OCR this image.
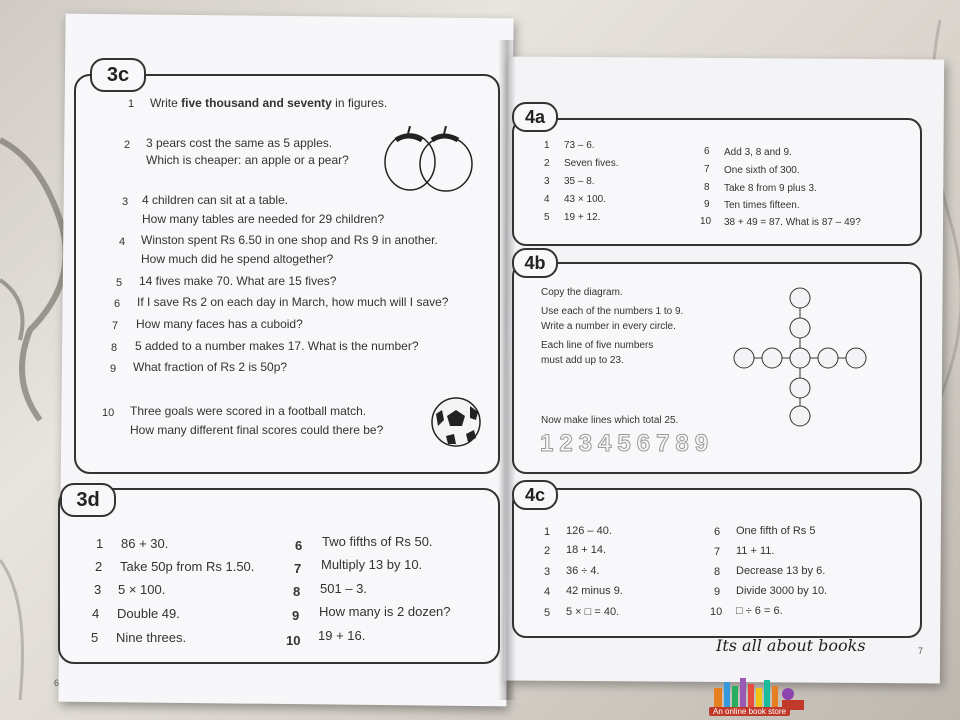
3c
1 Write five thousand and seventy in figures.
2 3 pears cost the same as 5 apples.
Which is cheaper: an apple or a pear?
3 4 children can sit at a table.
How many tables are needed for 29 children?
4 Winston spent Rs 6.50 in one shop and Rs 9 in another.
How much did he spend altogether?
5 14 fives make 70. What are 15 fives?
6 If I save Rs 2 on each day in March, how much will I save?
7 How many faces has a cuboid?
8 5 added to a number makes 17. What is the number?
9 What fraction of Rs 2 is 50p?
10 Three goals were scored in a football match.
How many different final scores could there be?
3d
1 86 + 30.
2 Take 50p from Rs 1.50.
3 5 × 100.
4 Double 49.
5 Nine threes.
6 Two fifths of Rs 50.
7 Multiply 13 by 10.
8 501 – 3.
9 How many is 2 dozen?
10 19 + 16.
6
4a
1 73 – 6.
2 Seven fives.
3 35 – 8.
4 43 × 100.
5 19 + 12.
6 Add 3, 8 and 9.
7 One sixth of 300.
8 Take 8 from 9 plus 3.
9 Ten times fifteen.
10 38 + 49 = 87. What is 87 – 49?
4b
Copy the diagram.
Use each of the numbers 1 to 9.
Write a number in every circle.
Each line of five numbers
must add up to 23.
Now make lines which total 25.
123456789
4c
1 126 – 40.
2 18 + 14.
3 36 ÷ 4.
4 42 minus 9.
5 5 × □ = 40.
6 One fifth of Rs 5
7 11 + 11.
8 Decrease 13 by 6.
9 Divide 3000 by 10.
10 □ ÷ 6 = 6.
7
Its all about books
An online book store
